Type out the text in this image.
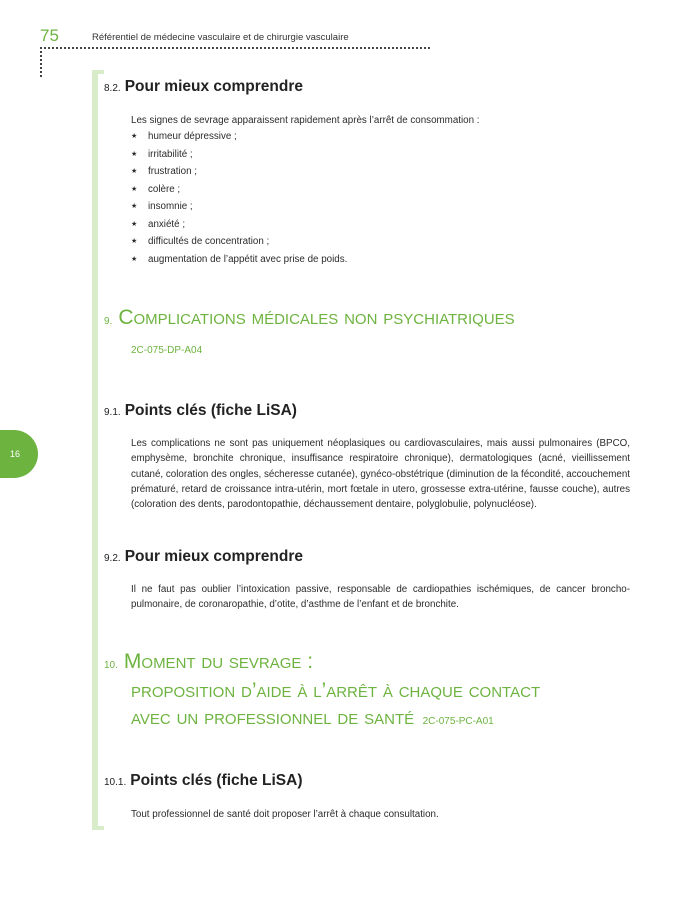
75	Référentiel de médecine vasculaire et de chirurgie vasculaire
16
8.2. Pour mieux comprendre
Les signes de sevrage apparaissent rapidement après l’arrêt de consommation :
★ humeur dépressive ;
★ irritabilité ;
★ frustration ;
★ colère ;
★ insomnie ;
★ anxiété ;
★ difficultés de concentration ;
★ augmentation de l’appétit avec prise de poids.
9. Complications médicales non psychiatriques
2C-075-DP-A04
9.1. Points clés (fiche LiSA)
Les complications ne sont pas uniquement néoplasiques ou cardiovasculaires, mais aussi pulmonaires (BPCO, emphysème, bronchite chronique, insuffisance respiratoire chronique), dermatologiques (acné, vieillissement cutané, coloration des ongles, sécheresse cutanée), gynéco-obstétrique (diminution de la fécondité, accouchement prématuré, retard de croissance intra-utérin, mort fœtale in utero, grossesse extra-utérine, fausse couche), autres (coloration des dents, parodontopathie, déchaussement dentaire, polyglobulie, polynucléose).
9.2. Pour mieux comprendre
Il ne faut pas oublier l’intoxication passive, responsable de cardiopathies ischémiques, de cancer broncho-pulmonaire, de coronaropathie, d’otite, d’asthme de l’enfant et de bronchite.
10. Moment du sevrage :
proposition d’aide à l’arrêt à chaque contact
avec un professionnel de santé 2C-075-PC-A01
10.1. Points clés (fiche LiSA)
Tout professionnel de santé doit proposer l’arrêt à chaque consultation.
